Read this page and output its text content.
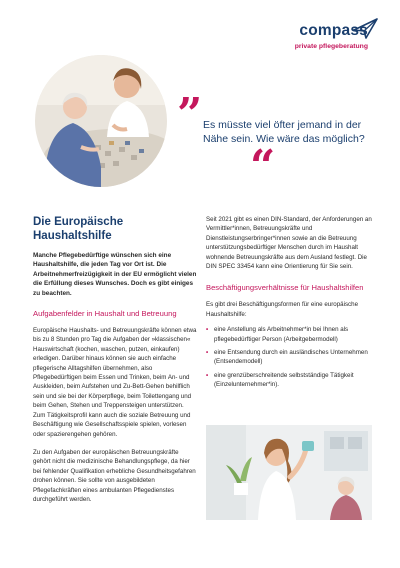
compass
private pflegeberatung
” Es müsste viel öfter jemand in der Nähe sein. Wie wäre das möglich?
“
Die Europäische Haushaltshilfe
Manche Pflegebedürftige wünschen sich eine Haushaltshilfe, die jeden Tag vor Ort ist. Die Arbeitnehmerfreizügigkeit in der EU ermöglicht vielen die Erfüllung dieses Wunsches. Doch es gibt einiges zu beachten.
Aufgabenfelder in Haushalt und Betreuung
Europäische Haushalts- und Betreuungskräfte können etwa bis zu 8 Stunden pro Tag die Aufgaben der »klassischen« Hauswirtschaft (kochen, waschen, putzen, einkaufen) erledigen. Darüber hinaus können sie auch einfache pflegerische Alltagshilfen übernehmen, also Pflegebedürftigen beim Essen und Trinken, beim An- und Auskleiden, beim Aufstehen und Zu-Bett-Gehen behilflich sein und sie bei der Körperpflege, beim Toilettengang und beim Gehen, Stehen und Treppensteigen unterstützen. Zum Tätigkeitsprofil kann auch die soziale Betreuung und Beschäftigung wie Gesellschaftsspiele spielen, vorlesen oder spazierengehen gehören.
Zu den Aufgaben der europäischen Betreuungskräfte gehört nicht die medizinische Behandlungspflege, da hier bei fehlender Qualifikation erhebliche Gesundheitsgefahren drohen können. Sie sollte von ausgebildeten Pflegefachkräften eines ambulanten Pflegedienstes durchgeführt werden.
Seit 2021 gibt es einen DIN-Standard, der Anforderungen an Vermittler*innen, Betreuungskräfte und Dienstleistungserbringer*innen sowie an die Betreuung unterstützungsbedürftiger Menschen durch im Haushalt wohnende Betreuungskräfte aus dem Ausland festlegt. Die DIN SPEC 33454 kann eine Orientierung für Sie sein.
Beschäftigungsverhältnisse für Haushaltshilfen
Es gibt drei Beschäftigungsformen für eine europäische Haushaltshilfe:
• eine Anstellung als Arbeitnehmer*in bei Ihnen als pflegebedürftiger Person (Arbeitgebermodell)
• eine Entsendung durch ein ausländisches Unternehmen (Entsendemodell)
• eine grenzüberschreitende selbstständige Tätigkeit (Einzelunternehmer*in).
